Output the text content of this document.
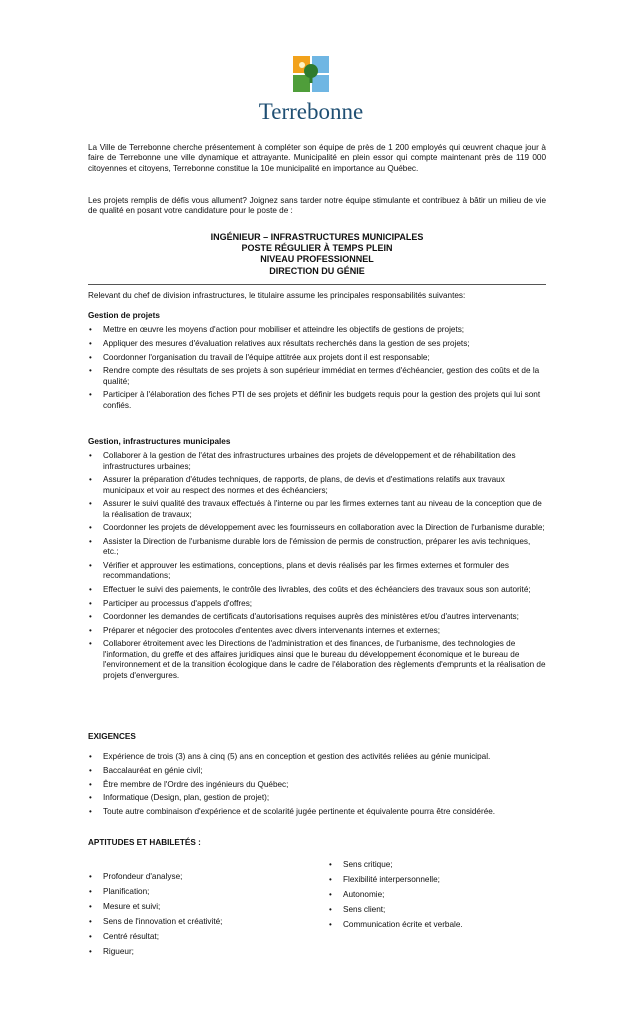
Terrebonne

La Ville de Terrebonne cherche présentement à compléter son équipe de près de 1 200 employés qui œuvrent chaque jour à faire de Terrebonne une ville dynamique et attrayante. Municipalité en plein essor qui compte maintenant près de 119 000 citoyennes et citoyens, Terrebonne constitue la 10e municipalité en importance au Québec.

Les projets remplis de défis vous allument? Joignez sans tarder notre équipe stimulante et contribuez à bâtir un milieu de vie de qualité en posant votre candidature pour le poste de :

INGÉNIEUR – INFRASTRUCTURES MUNICIPALES
POSTE RÉGULIER À TEMPS PLEIN
NIVEAU PROFESSIONNEL
DIRECTION DU GÉNIE

Relevant du chef de division infrastructures, le titulaire assume les principales responsabilités suivantes:

Gestion de projets

• Mettre en œuvre les moyens d'action pour mobiliser et atteindre les objectifs de gestions de projets;
• Appliquer des mesures d'évaluation relatives aux résultats recherchés dans la gestion de ses projets;
• Coordonner l'organisation du travail de l'équipe attitrée aux projets dont il est responsable;
• Rendre compte des résultats de ses projets à son supérieur immédiat en termes d'échéancier, gestion des coûts et de la qualité;
• Participer à l'élaboration des fiches PTI de ses projets et définir les budgets requis pour la gestion des projets qui lui sont confiés.

Gestion, infrastructures municipales

• Collaborer à la gestion de l'état des infrastructures urbaines des projets de développement et de réhabilitation des infrastructures urbaines;
• Assurer la préparation d'études techniques, de rapports, de plans, de devis et d'estimations relatifs aux travaux municipaux et voir au respect des normes et des échéanciers;
• Assurer le suivi qualité des travaux effectués à l'interne ou par les firmes externes tant au niveau de la conception que de la réalisation de travaux;
• Coordonner les projets de développement avec les fournisseurs en collaboration avec la Direction de l'urbanisme durable;
• Assister la Direction de l'urbanisme durable lors de l'émission de permis de construction, préparer les avis techniques, etc.;
• Vérifier et approuver les estimations, conceptions, plans et devis réalisés par les firmes externes et formuler des recommandations;
• Effectuer le suivi des paiements, le contrôle des livrables, des coûts et des échéanciers des travaux sous son autorité;
• Participer au processus d'appels d'offres;
• Coordonner les demandes de certificats d'autorisations requises auprès des ministères et/ou d'autres intervenants;
• Préparer et négocier des protocoles d'ententes avec divers intervenants internes et externes;
• Collaborer étroitement avec les Directions de l'administration et des finances, de l'urbanisme, des technologies de l'information, du greffe et des affaires juridiques ainsi que le bureau du développement économique et le bureau de l'environnement et de la transition écologique dans le cadre de l'élaboration des règlements d'emprunts et la réalisation de projets d'envergures.

EXIGENCES

• Expérience de trois (3) ans à cinq (5) ans en conception et gestion des activités reliées au génie municipal.
• Baccalauréat en génie civil;
• Être membre de l'Ordre des ingénieurs du Québec;
• Informatique (Design, plan, gestion de projet);
• Toute autre combinaison d'expérience et de scolarité jugée pertinente et équivalente pourra être considérée.

APTITUDES ET HABILETÉS :

• Profondeur d'analyse;
• Planification;
• Mesure et suivi;
• Sens de l'innovation et créativité;
• Centré résultat;
• Rigueur;
• Sens critique;
• Flexibilité interpersonnelle;
• Autonomie;
• Sens client;
• Communication écrite et verbale.
